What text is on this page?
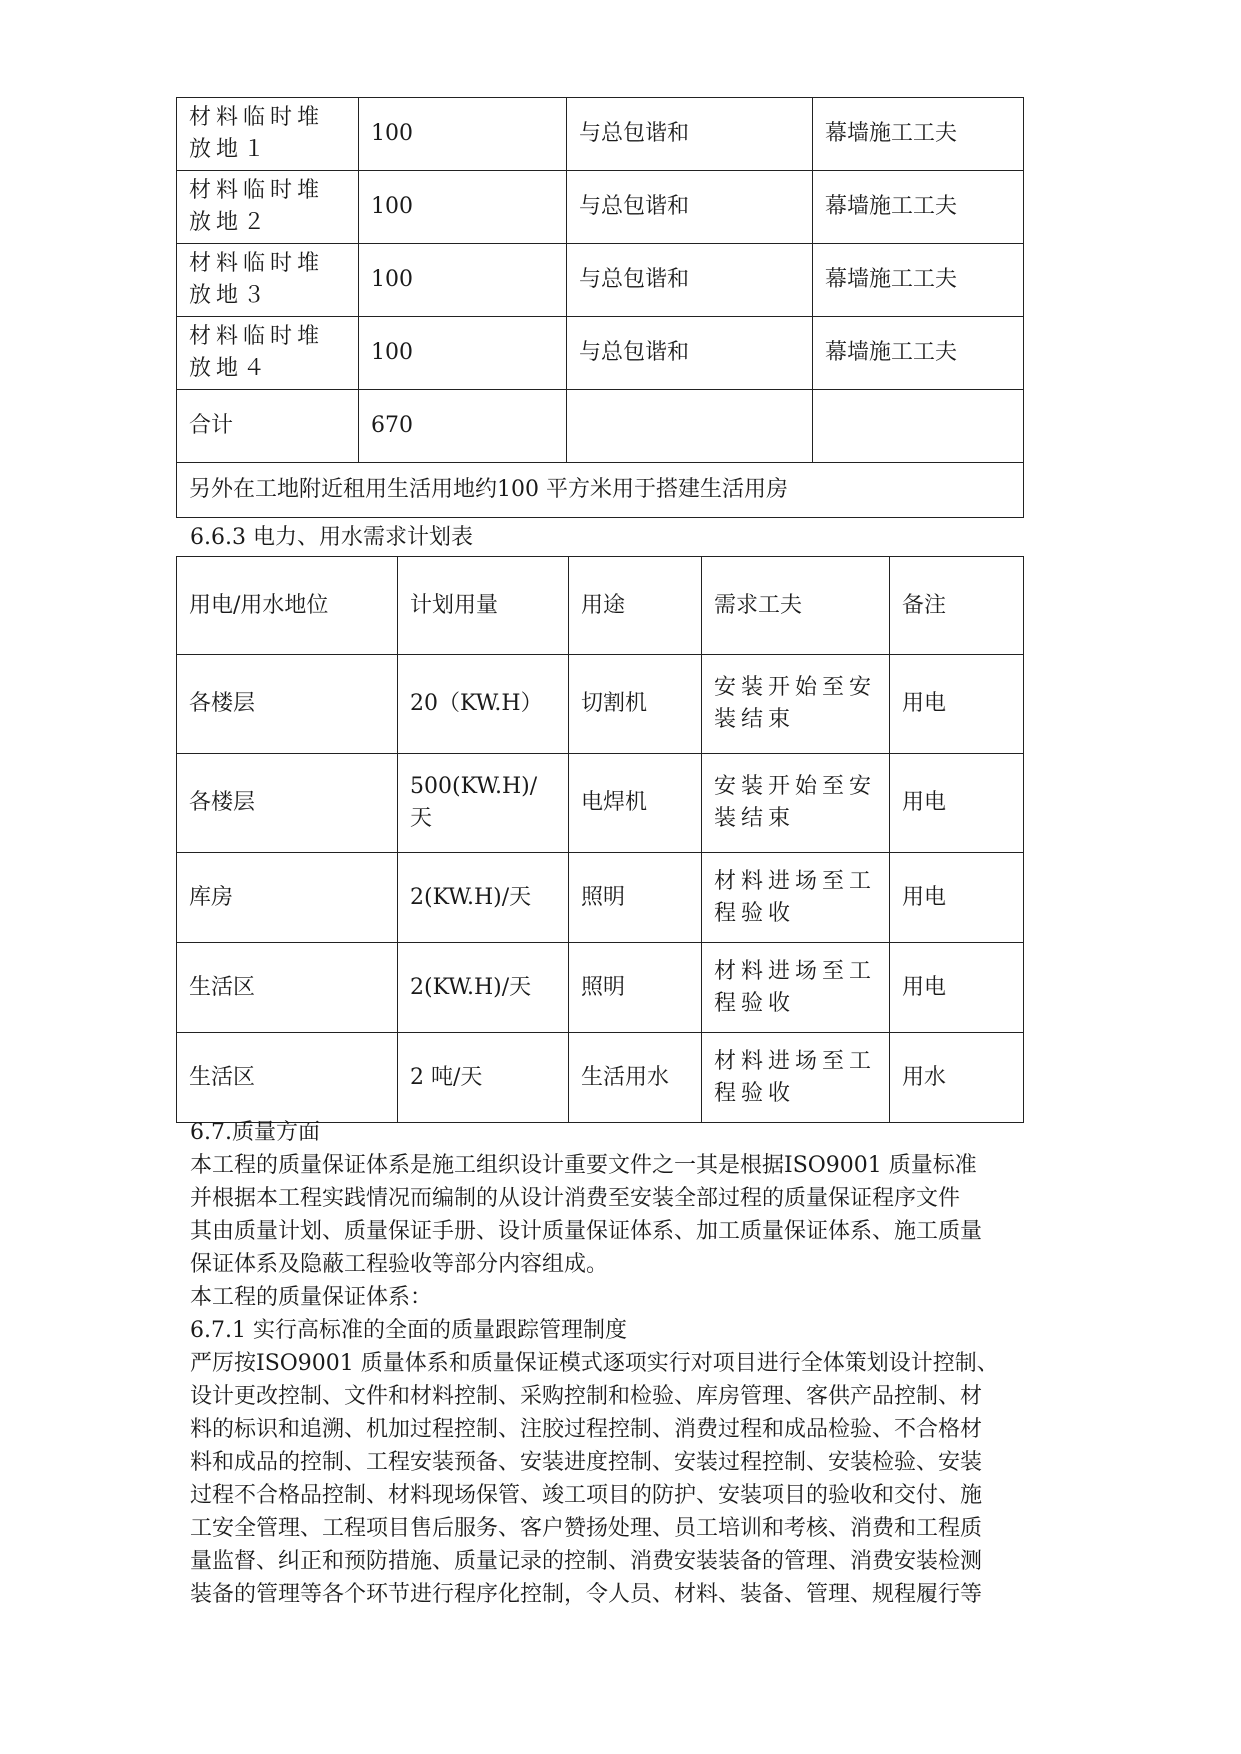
材料临时堆放地１	100	与总包谐和	幕墙施工工夫
材料临时堆放地２	100	与总包谐和	幕墙施工工夫
材料临时堆放地３	100	与总包谐和	幕墙施工工夫
材料临时堆放地４	100	与总包谐和	幕墙施工工夫
合计	670		
另外在工地附近租用生活用地约100 平方米用于搭建生活用房			
6.6.3 电力、用水需求计划表
用电/用水地位	计划用量	用途	需求工夫	备注
各楼层	20（KW.H）	切割机	安装开始至安装结束	用电
各楼层	500(KW.H)/天	电焊机	安装开始至安装结束	用电
库房	2(KW.H)/天	照明	材料进场至工程验收	用电
生活区	2(KW.H)/天	照明	材料进场至工程验收	用电
生活区	2 吨/天	生活用水	材料进场至工程验收	用水
6.7.质量方面
本工程的质量保证体系是施工组织设计重要文件之一其是根据ISO9001 质量标准
并根据本工程实践情况而编制的从设计消费至安装全部过程的质量保证程序文件
其由质量计划、质量保证手册、设计质量保证体系、加工质量保证体系、施工质量
保证体系及隐蔽工程验收等部分内容组成。
本工程的质量保证体系：
6.7.1 实行高标准的全面的质量跟踪管理制度
严厉按ISO9001 质量体系和质量保证模式逐项实行对项目进行全体策划设计控制、
设计更改控制、文件和材料控制、采购控制和检验、库房管理、客供产品控制、材
料的标识和追溯、机加过程控制、注胶过程控制、消费过程和成品检验、不合格材
料和成品的控制、工程安装预备、安装进度控制、安装过程控制、安装检验、安装
过程不合格品控制、材料现场保管、竣工项目的防护、安装项目的验收和交付、施
工安全管理、工程项目售后服务、客户赞扬处理、员工培训和考核、消费和工程质
量监督、纠正和预防措施、质量记录的控制、消费安装装备的管理、消费安装检测
装备的管理等各个环节进行程序化控制，令人员、材料、装备、管理、规程履行等
